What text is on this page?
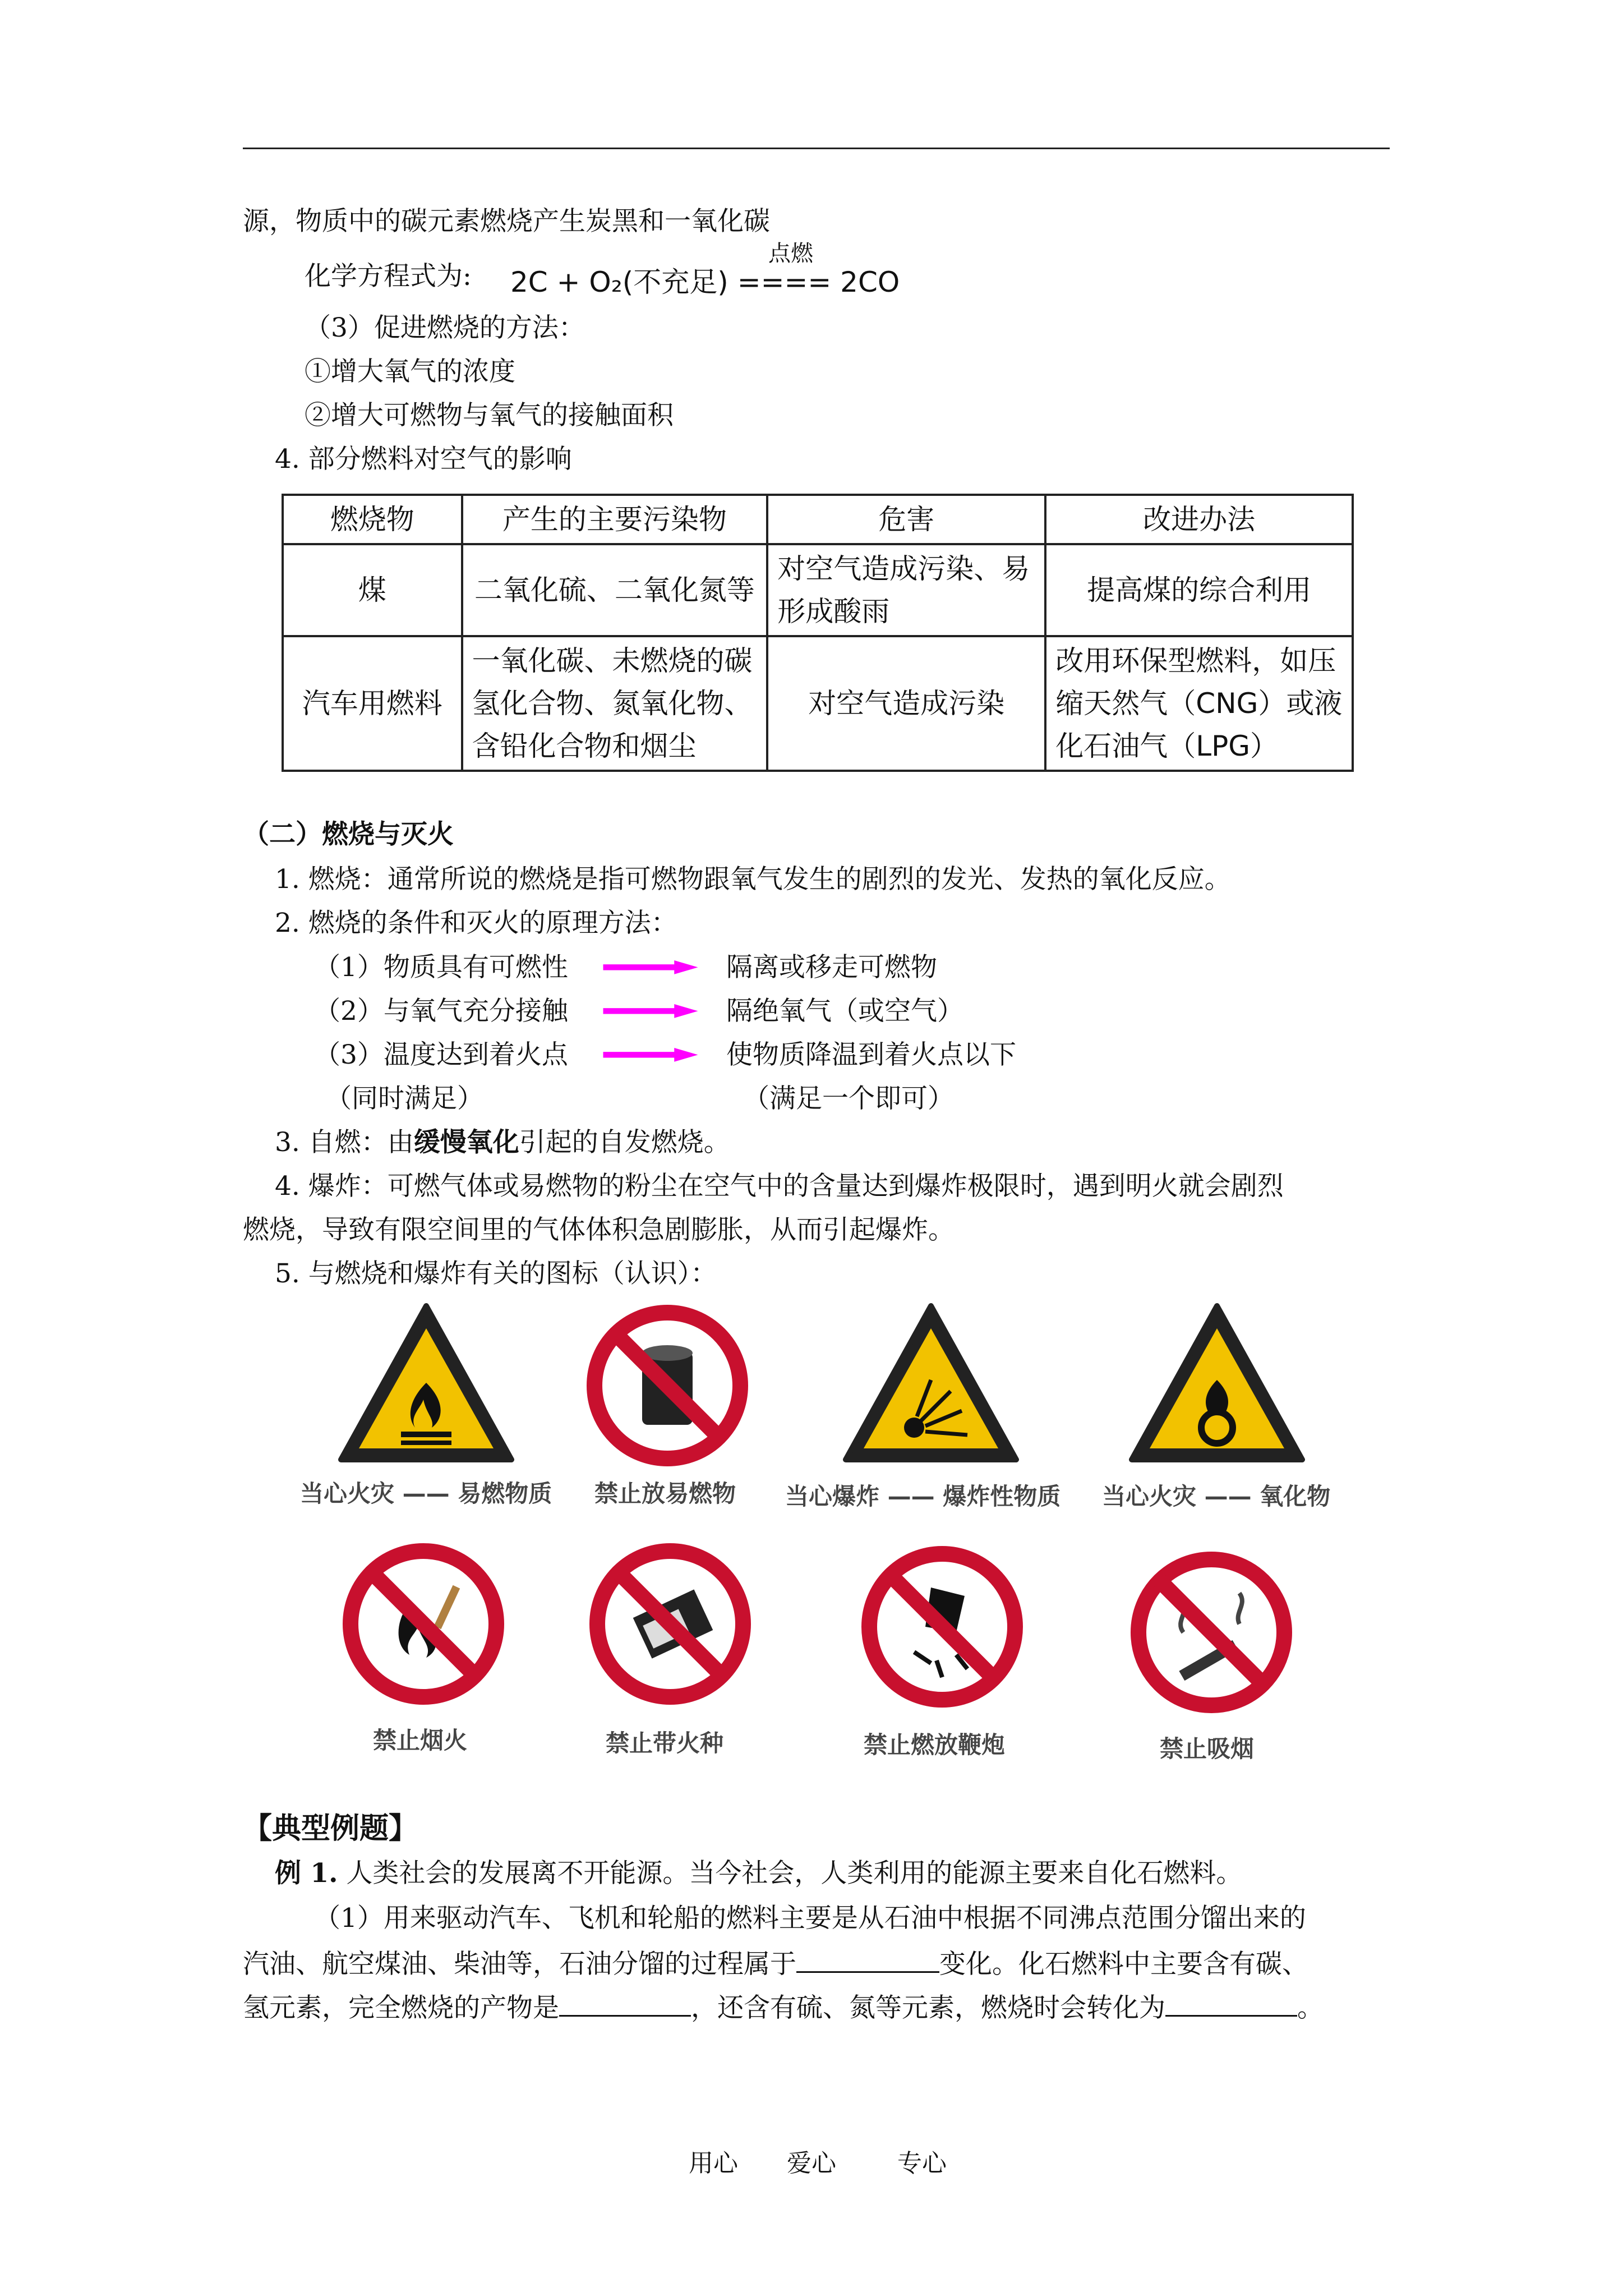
源，物质中的碳元素燃烧产生炭黑和一氧化碳
化学方程式为:
点燃
2C + O₂(不充足) ==== 2CO
（3）促进燃烧的方法：
①增大氧气的浓度
②增大可燃物与氧气的接触面积
4. 部分燃料对空气的影响
燃烧物	产生的主要污染物	危害	改进办法
煤	二氧化硫、二氧化氮等	对空气造成污染、易形成酸雨	提高煤的综合利用
汽车用燃料	一氧化碳、未燃烧的碳氢化合物、氮氧化物、含铅化合物和烟尘	对空气造成污染	改用环保型燃料，如压缩天然气（CNG）或液化石油气（LPG）
（二）燃烧与灭火
1. 燃烧：通常所说的燃烧是指可燃物跟氧气发生的剧烈的发光、发热的氧化反应。
2. 燃烧的条件和灭火的原理方法：
（1）物质具有可燃性	隔离或移走可燃物
（2）与氧气充分接触	隔绝氧气（或空气）
（3）温度达到着火点	使物质降温到着火点以下
（同时满足）	（满足一个即可）
3. 自燃：由缓慢氧化引起的自发燃烧。
4. 爆炸：可燃气体或易燃物的粉尘在空气中的含量达到爆炸极限时，遇到明火就会剧烈
燃烧，导致有限空间里的气体体积急剧膨胀，从而引起爆炸。
5. 与燃烧和爆炸有关的图标（认识）：
当心火灾 —— 易燃物质 禁止放易燃物 当心爆炸 —— 爆炸性物质 当心火灾 —— 氧化物
禁止烟火	禁止带火种	禁止燃放鞭炮	禁止吸烟
【典型例题】
例 1. 人类社会的发展离不开能源。当今社会，人类利用的能源主要来自化石燃料。
（1）用来驱动汽车、飞机和轮船的燃料主要是从石油中根据不同沸点范围分馏出来的
汽油、航空煤油、柴油等，石油分馏的过程属于	变化。化石燃料中主要含有碳、
氢元素，完全燃烧的产物是	，还含有硫、氮等元素，燃烧时会转化为	。
用心 爱心 专心
